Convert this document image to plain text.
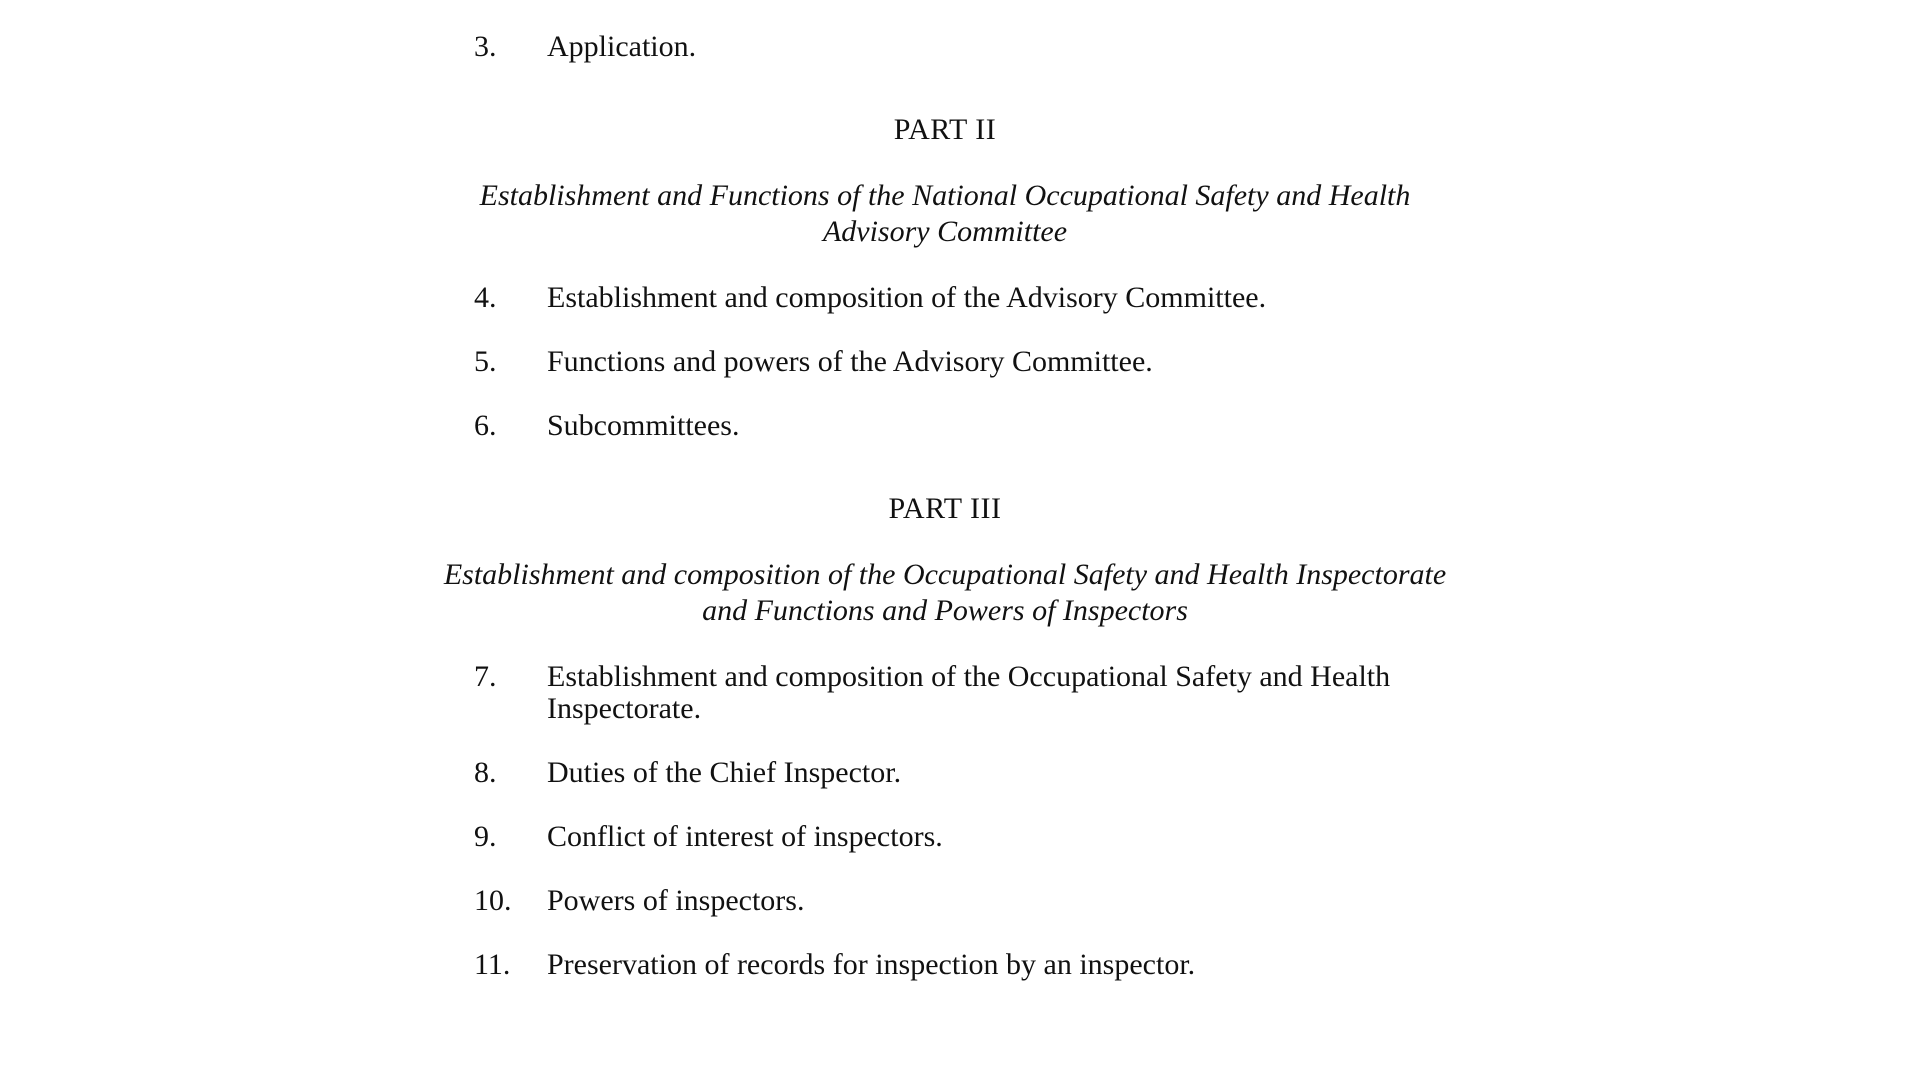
3. Application.
PART II
Establishment and Functions of the National Occupational Safety and Health Advisory Committee
4. Establishment and composition of the Advisory Committee.
5. Functions and powers of the Advisory Committee.
6. Subcommittees.
PART III
Establishment and composition of the Occupational Safety and Health Inspectorate and Functions and Powers of Inspectors
7. Establishment and composition of the Occupational Safety and Health
Inspectorate.
8. Duties of the Chief Inspector.
9. Conflict of interest of inspectors.
10. Powers of inspectors.
11. Preservation of records for inspection by an inspector.
